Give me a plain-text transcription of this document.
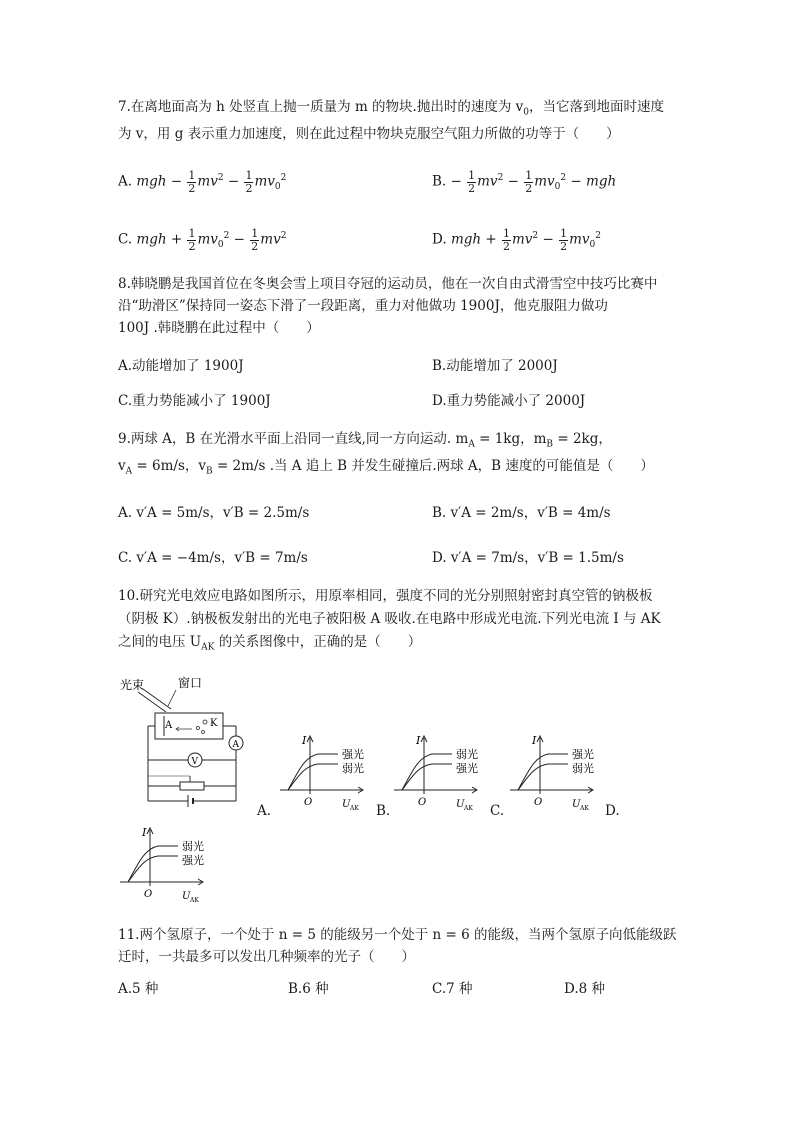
7.在离地面高为 h 处竖直上抛一质量为 m 的物块.抛出时的速度为 $v_0$，当它落到地面时速度
为 v，用 g 表示重力加速度，则在此过程中物块克服空气阻力所做的功等于（　　）
A. mgh − $\frac{1}{2} mv^2 - \frac{1}{2} mv_0^2$	B. − $\frac{1}{2} mv^2 - \frac{1}{2} mv_0^2$ − mgh
C. mgh + $\frac{1}{2} mv_0^2 - \frac{1}{2} mv^2$	D. mgh + $\frac{1}{2} mv^2 - \frac{1}{2} mv_0^2$
8.韩晓鹏是我国首位在冬奥会雪上项目夺冠的运动员，他在一次自由式滑雪空中技巧比赛中
沿“助滑区”保持同一姿态下滑了一段距离，重力对他做功 1900J，他克服阻力做功
100J .韩晓鹏在此过程中（　　）
A.动能增加了 1900J	B.动能增加了 2000J
C.重力势能减小了 1900J	D.重力势能减小了 2000J
9.两球 A，B 在光滑水平面上沿同一直线,同一方向运动. $m_A = 1kg$，$m_B = 2kg$，
$v_A = 6m/s$，$v_B = 2m/s$ .当 A 追上 B 并发生碰撞后.两球 A，B 速度的可能值是（　　）
A. v′A = 5m/s，v′B = 2.5m/s	B. v′A = 2m/s，v′B = 4m/s
C. v′A = −4m/s，v′B = 7m/s	D. v′A = 7m/s，v′B = 1.5m/s
10.研究光电效应电路如图所示，用原率相同，强度不同的光分别照射密封真空管的钠极板
（阴极 K）.钠极板发射出的光电子被阳极 A 吸收.在电路中形成光电流.下列光电流 I 与 AK
之间的电压 $U_{AK}$ 的关系图像中，正确的是（　　）
光束	窗口
A	K
A
V
A.
I
强光
弱光
O	U AK B.
I
弱光
强光
O	U AK C.
I
强光
弱光
O	U AK D.
I
弱光
强光
O	U AK
11.两个氢原子，一个处于 n = 5 的能级另一个处于 n = 6 的能级，当两个氢原子向低能级跃
迁时，一共最多可以发出几种频率的光子（　　）
A.5 种	B.6 种	C.7 种	D.8 种
